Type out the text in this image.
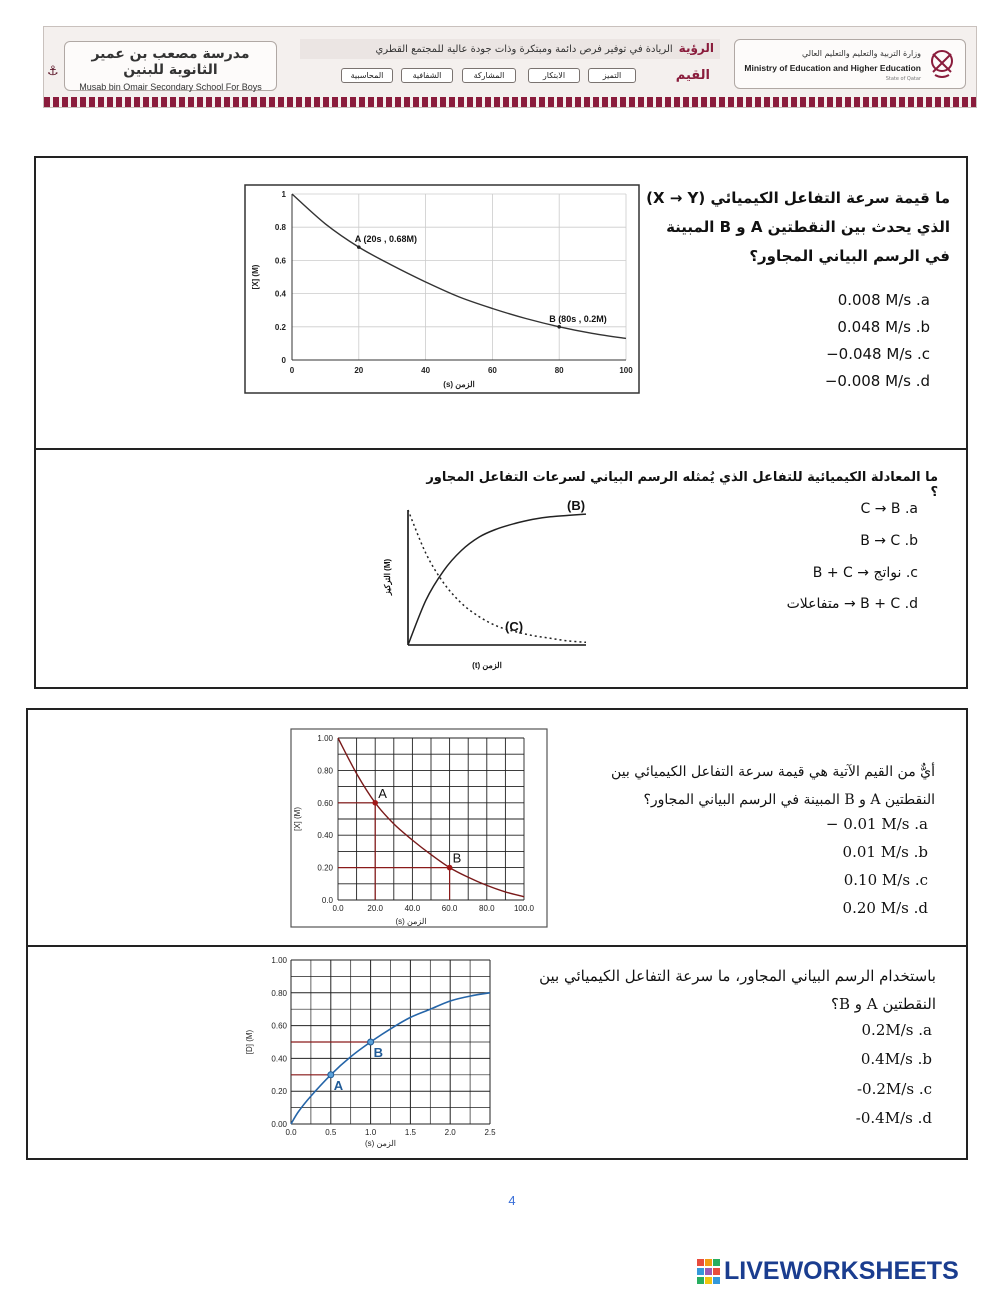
⚓
مدرسة مصعب بن عمير الثانوية للبنين
Musab bin Omair Secondary School For Boys
الرؤيةالريادة في توفير فرص دائمة ومبتكرة وذات جودة عالية للمجتمع القطري
القيم
التميز
الابتكار
المشاركة
الشفافية
المحاسبية
وزارة التربية والتعليم والتعليم العالي
Ministry of Education and Higher Education
State of Qatar
A (20s , 0.68M)
B (80s , 0.2M)
0	20	40	60	80	100
0
0.2
0.4
0.6
0.8
1
الزمن (s)
[X] (M)
ما قيمة سرعة التفاعل الكيميائي (X → Y) الذي يحدث بين النقطتين A و B المبينة في الرسم البياني المجاور؟
a. 0.008 M/s
b. 0.048 M/s
c. −0.048 M/s
d. −0.008 M/s
ما المعادلة الكيميائية للتفاعل الذي يُمثله الرسم البياني لسرعات التفاعل المجاور ؟
(B)
(C)
الزمن (t)
التركيز (M)
a. C → B
b. B → C
c. B + C → نواتج
d. متفاعلات → B + C
A
B
0.0	20.0	40.0	60.0	80.0 100.0
0.0
0.20
0.40
0.60
0.80
1.00
الزمن (s)
[X] (M)
أيٌّ من القيم الآتية هي قيمة سرعة التفاعل الكيميائي بين النقطتين A و B المبينة في الرسم البياني المجاور؟
a. − 0.01 M/s
b. 0.01 M/s
c. 0.10 M/s
d. 0.20 M/s
A
B
0.0	0.5	1.0	1.5	2.0	2.5
0.00
0.20
0.40
0.60
0.80
1.00
الزمن (s)
[D] (M)
باستخدام الرسم البياني المجاور، ما سرعة التفاعل الكيميائي بين النقطتين A و B؟
a. 0.2M/s
b. 0.4M/s
c. -0.2M/s
d. -0.4M/s
4
LIVEWORKSHEETS
